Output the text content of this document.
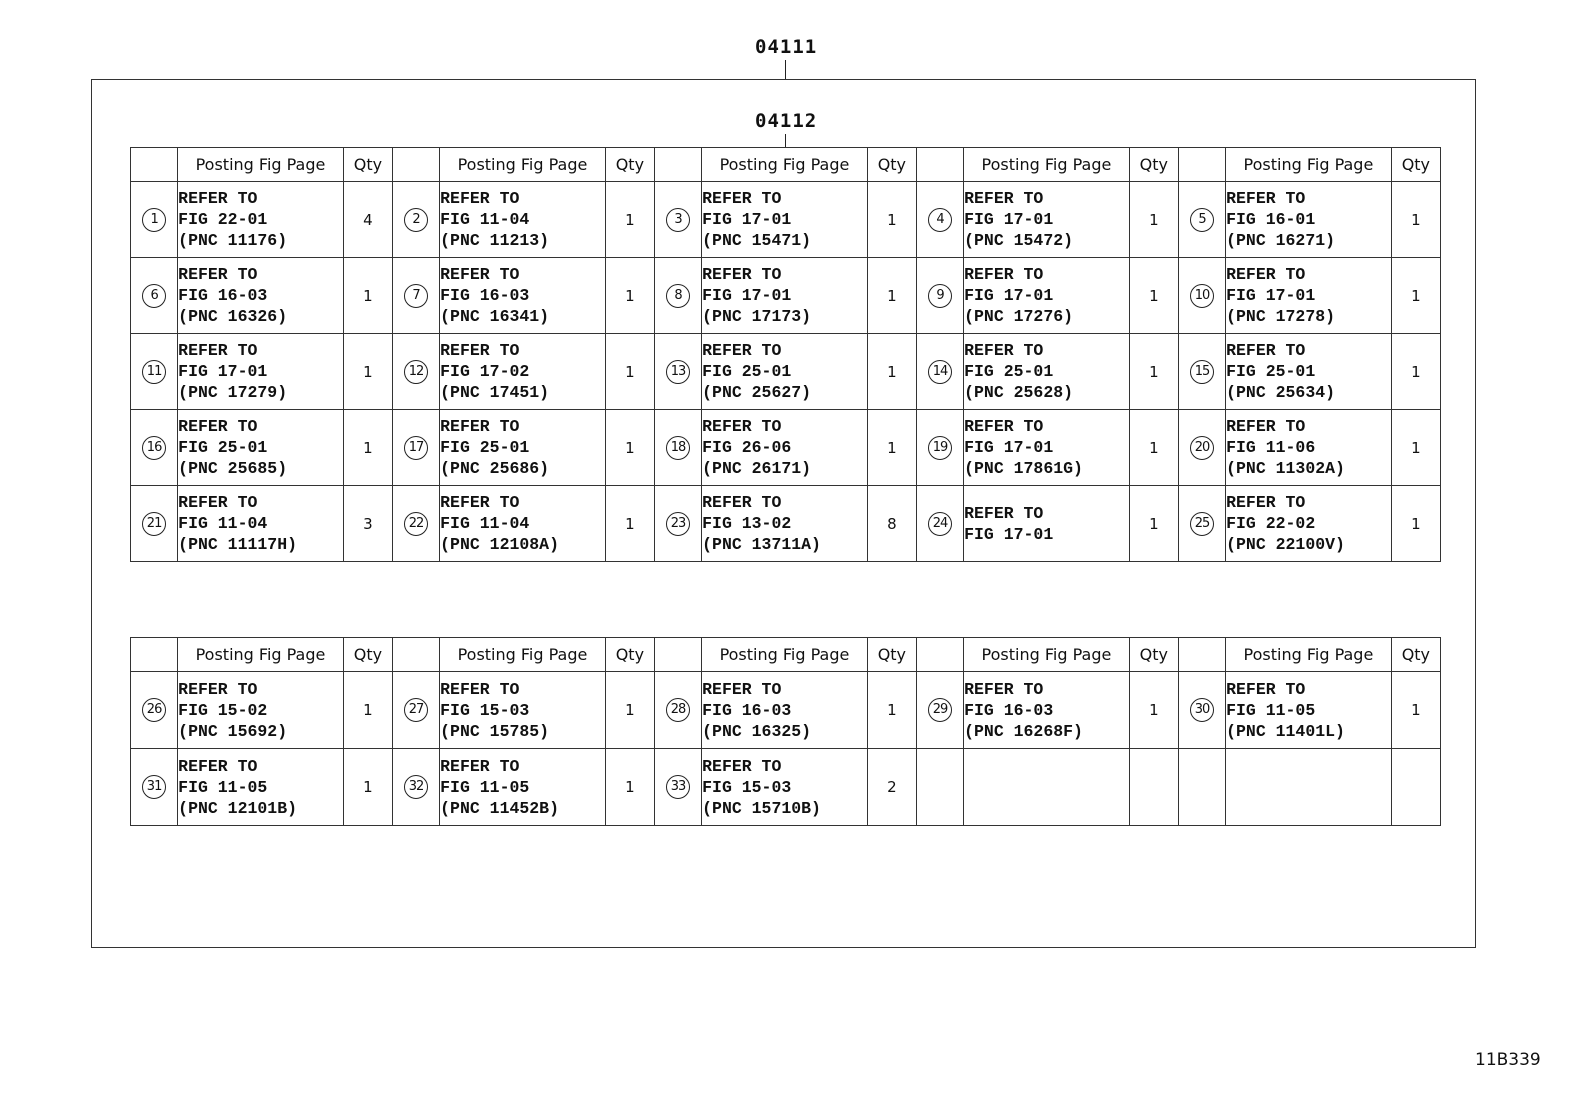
04111
04112
	Posting Fig Page	Qty		Posting Fig Page	Qty		Posting Fig Page	Qty		Posting Fig Page	Qty		Posting Fig Page	Qty
1	REFER TO
FIG 22-01
(PNC 11176)	4	2	REFER TO
FIG 11-04
(PNC 11213)	1	3	REFER TO
FIG 17-01
(PNC 15471)	1	4	REFER TO
FIG 17-01
(PNC 15472)	1	5	REFER TO
FIG 16-01
(PNC 16271)	1
6	REFER TO
FIG 16-03
(PNC 16326)	1	7	REFER TO
FIG 16-03
(PNC 16341)	1	8	REFER TO
FIG 17-01
(PNC 17173)	1	9	REFER TO
FIG 17-01
(PNC 17276)	1	10	REFER TO
FIG 17-01
(PNC 17278)	1
11	REFER TO
FIG 17-01
(PNC 17279)	1	12	REFER TO
FIG 17-02
(PNC 17451)	1	13	REFER TO
FIG 25-01
(PNC 25627)	1	14	REFER TO
FIG 25-01
(PNC 25628)	1	15	REFER TO
FIG 25-01
(PNC 25634)	1
16	REFER TO
FIG 25-01
(PNC 25685)	1	17	REFER TO
FIG 25-01
(PNC 25686)	1	18	REFER TO
FIG 26-06
(PNC 26171)	1	19	REFER TO
FIG 17-01
(PNC 17861G)	1	20	REFER TO
FIG 11-06
(PNC 11302A)	1
21	REFER TO
FIG 11-04
(PNC 11117H)	3	22	REFER TO
FIG 11-04
(PNC 12108A)	1	23	REFER TO
FIG 13-02
(PNC 13711A)	8	24	REFER TO
FIG 17-01	1	25	REFER TO
FIG 22-02
(PNC 22100V)	1
	Posting Fig Page	Qty		Posting Fig Page	Qty		Posting Fig Page	Qty		Posting Fig Page	Qty		Posting Fig Page	Qty
26	REFER TO
FIG 15-02
(PNC 15692)	1	27	REFER TO
FIG 15-03
(PNC 15785)	1	28	REFER TO
FIG 16-03
(PNC 16325)	1	29	REFER TO
FIG 16-03
(PNC 16268F)	1	30	REFER TO
FIG 11-05
(PNC 11401L)	1
31	REFER TO
FIG 11-05
(PNC 12101B)	1	32	REFER TO
FIG 11-05
(PNC 11452B)	1	33	REFER TO
FIG 15-03
(PNC 15710B)	2						
11B339
